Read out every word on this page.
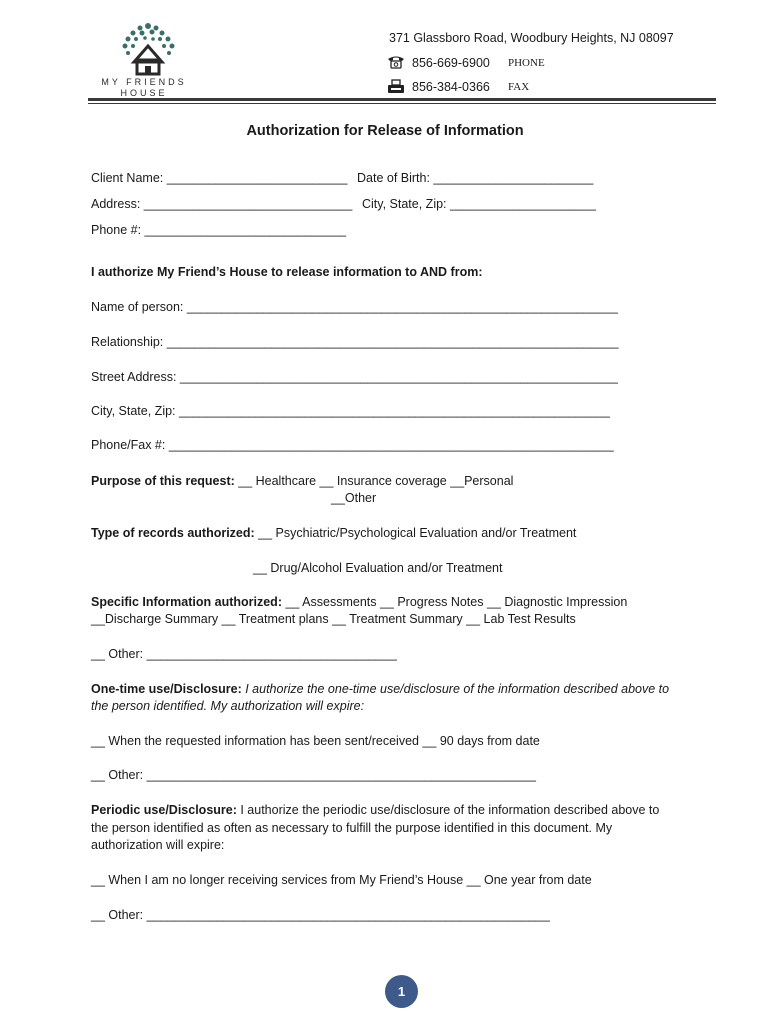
MY FRIENDS
HOUSE
371 Glassboro Road, Woodbury Heights, NJ 08097
856-669-6900 PHONE
856-384-0366 FAX
Authorization for Release of Information
Client Name: __________________________ Date of Birth: _______________________
Address: ______________________________ City, State, Zip: _____________________
Phone #: _____________________________
I authorize My Friend’s House to release information to AND from:
Name of person: ______________________________________________________________
Relationship: _________________________________________________________________
Street Address: _______________________________________________________________
City, State, Zip: ______________________________________________________________
Phone/Fax #: ________________________________________________________________
Purpose of this request: __ Healthcare __ Insurance coverage __Personal
__Other
Type of records authorized: __ Psychiatric/Psychological Evaluation and/or Treatment
__ Drug/Alcohol Evaluation and/or Treatment
Specific Information authorized: __ Assessments __ Progress Notes __ Diagnostic Impression
__Discharge Summary __ Treatment plans __ Treatment Summary __ Lab Test Results
__ Other: ____________________________________
One-time use/Disclosure: I authorize the one-time use/disclosure of the information described above to
the person identified. My authorization will expire:
__ When the requested information has been sent/received __ 90 days from date
__ Other: ________________________________________________________
Periodic use/Disclosure: I authorize the periodic use/disclosure of the information described above to
the person identified as often as necessary to fulfill the purpose identified in this document. My
authorization will expire:
__ When I am no longer receiving services from My Friend’s House __ One year from date
__ Other: __________________________________________________________
1
